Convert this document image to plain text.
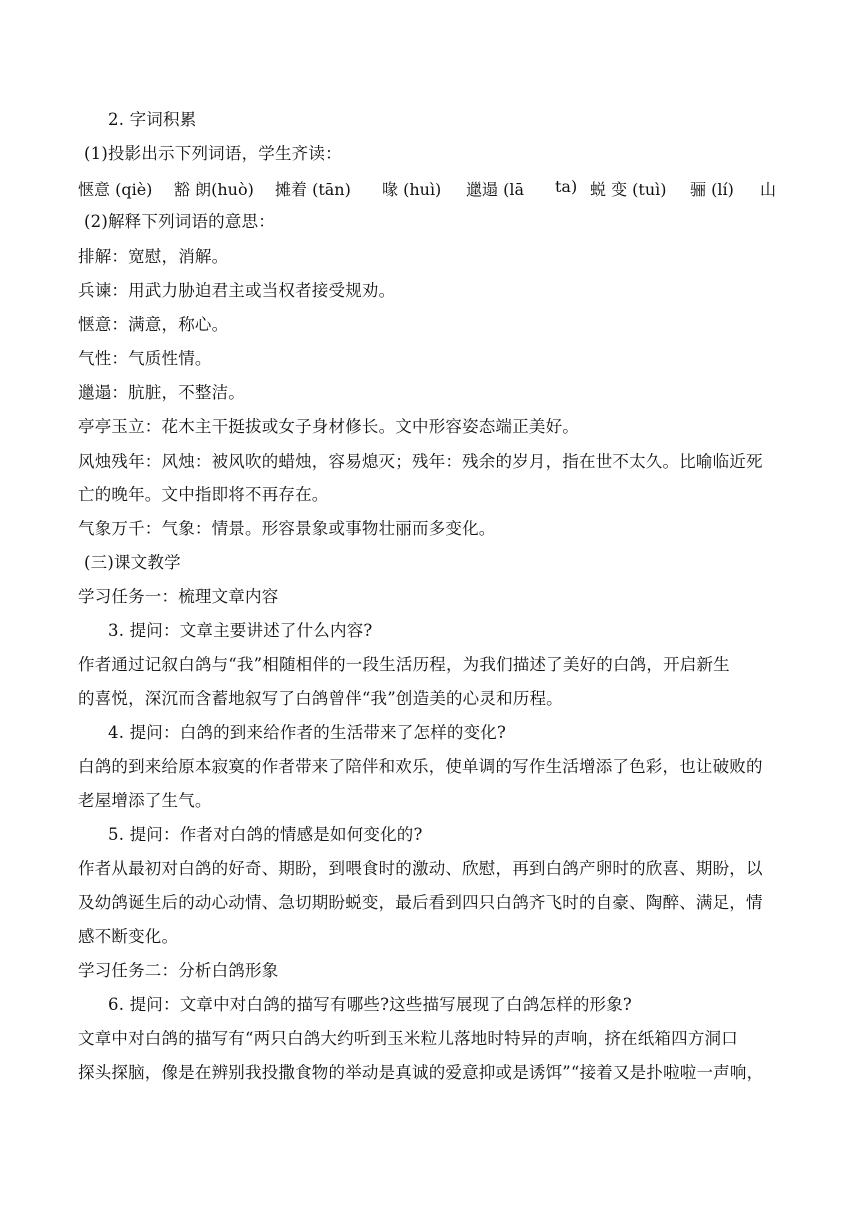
2. 字词积累
(1)投影出示下列词语，学生齐读：
惬意 (qiè) 豁 朗(huò) 摊着 (tān) 喙 (huì) 邋遢 (lā ta) 蜕 变 (tuì) 骊 (lí) 山
(2)解释下列词语的意思：
排解：宽慰，消解。
兵谏：用武力胁迫君主或当权者接受规劝。
惬意：满意，称心。
气性：气质性情。
邋遢：肮脏，不整洁。
亭亭玉立：花木主干挺拔或女子身材修长。文中形容姿态端正美好。
风烛残年：风烛：被风吹的蜡烛，容易熄灭；残年：残余的岁月，指在世不太久。比喻临近死
亡的晚年。文中指即将不再存在。
气象万千：气象：情景。形容景象或事物壮丽而多变化。
(三)课文教学
学习任务一：梳理文章内容
3. 提问：文章主要讲述了什么内容?
作者通过记叙白鸽与“我”相随相伴的一段生活历程，为我们描述了美好的白鸽，开启新生
的喜悦，深沉而含蓄地叙写了白鸽曾伴“我”创造美的心灵和历程。
4. 提问：白鸽的到来给作者的生活带来了怎样的变化?
白鸽的到来给原本寂寞的作者带来了陪伴和欢乐，使单调的写作生活增添了色彩，也让破败的
老屋增添了生气。
5. 提问：作者对白鸽的情感是如何变化的?
作者从最初对白鸽的好奇、期盼，到喂食时的激动、欣慰，再到白鸽产卵时的欣喜、期盼，以
及幼鸽诞生后的动心动情、急切期盼蜕变，最后看到四只白鸽齐飞时的自豪、陶醉、满足，情
感不断变化。
学习任务二：分析白鸽形象
6. 提问：文章中对白鸽的描写有哪些?这些描写展现了白鸽怎样的形象?
文章中对白鸽的描写有“两只白鸽大约听到玉米粒儿落地时特异的声响，挤在纸箱四方洞口
探头探脑，像是在辨别我投撒食物的举动是真诚的爱意抑或是诱饵”“接着又是扑啦啦一声响，
